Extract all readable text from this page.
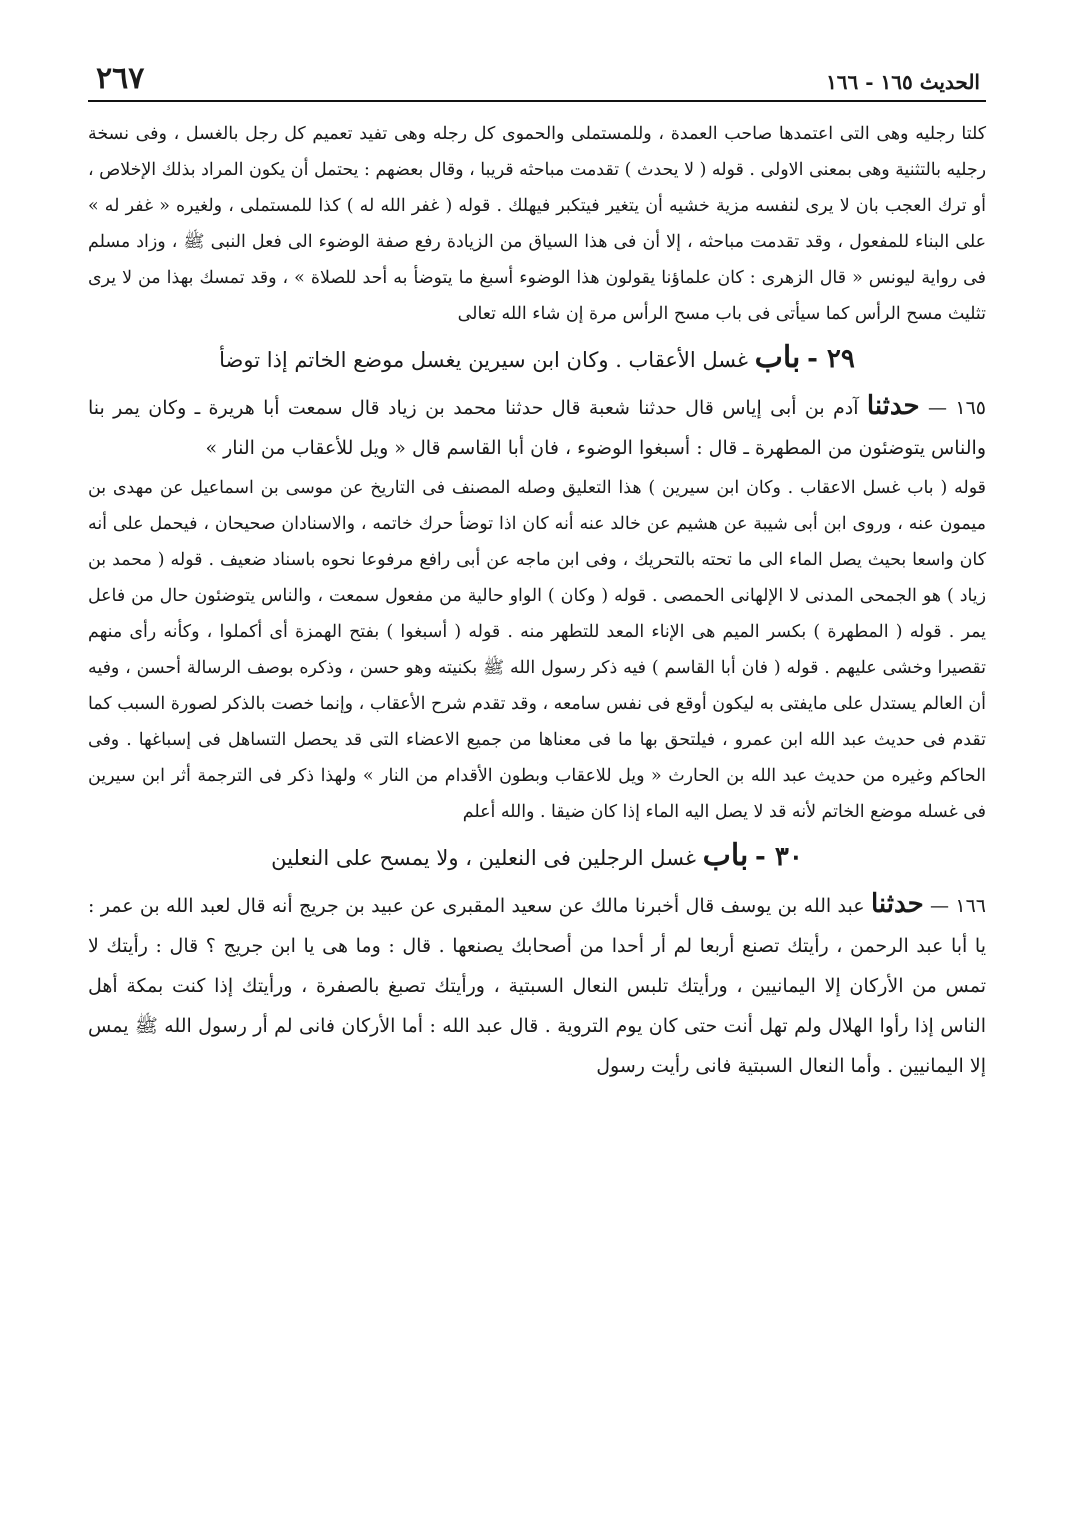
الحديث ١٦٥ - ١٦٦
٢٦٧

كلتا رجليه وهى التى اعتمدها صاحب العمدة ، وللمستملى والحموى كل رجله وهى تفيد تعميم كل رجل بالغسل ، وفى نسخة رجليه بالتثنية وهى بمعنى الاولى . قوله ( لا يحدث ) تقدمت مباحثه قريبا ، وقال بعضهم : يحتمل أن يكون المراد بذلك الإخلاص ، أو ترك العجب بان لا يرى لنفسه مزية خشيه أن يتغير فيتكبر فيهلك . قوله ( غفر الله له ) كذا للمستملى ، ولغيره « غفر له » على البناء للمفعول ، وقد تقدمت مباحثه ، إلا أن فى هذا السياق من الزيادة رفع صفة الوضوء الى فعل النبى ﷺ ، وزاد مسلم فى رواية ليونس « قال الزهرى : كان علماؤنا يقولون هذا الوضوء أسبغ ما يتوضأ به أحد للصلاة » ، وقد تمسك بهذا من لا يرى تثليث مسح الرأس كما سيأتى فى باب مسح الرأس مرة إن شاء الله تعالى

٢٩ - باب غسل الأعقاب . وكان ابن سيرين يغسل موضع الخاتم إذا توضأ

١٦٥ — حدثنا آدم بن أبى إياس قال حدثنا شعبة قال حدثنا محمد بن زياد قال سمعت أبا هريرة ـ وكان يمر بنا والناس يتوضئون من المطهرة ـ قال : أسبغوا الوضوء ، فان أبا القاسم قال « ويل للأعقاب من النار »

قوله ( باب غسل الاعقاب . وكان ابن سيرين ) هذا التعليق وصله المصنف فى التاريخ عن موسى بن اسماعيل عن مهدى بن ميمون عنه ، وروى ابن أبى شيبة عن هشيم عن خالد عنه أنه كان اذا توضأ حرك خاتمه ، والاسنادان صحيحان ، فيحمل على أنه كان واسعا بحيث يصل الماء الى ما تحته بالتحريك ، وفى ابن ماجه عن أبى رافع مرفوعا نحوه باسناد ضعيف . قوله ( محمد بن زياد ) هو الجمحى المدنى لا الإلهانى الحمصى . قوله ( وكان ) الواو حالية من مفعول سمعت ، والناس يتوضئون حال من فاعل يمر . قوله ( المطهرة ) بكسر الميم هى الإناء المعد للتطهر منه . قوله ( أسبغوا ) بفتح الهمزة أى أكملوا ، وكأنه رأى منهم تقصيرا وخشى عليهم . قوله ( فان أبا القاسم ) فيه ذكر رسول الله ﷺ بكنيته وهو حسن ، وذكره بوصف الرسالة أحسن ، وفيه أن العالم يستدل على مايفتى به ليكون أوقع فى نفس سامعه ، وقد تقدم شرح الأعقاب ، وإنما خصت بالذكر لصورة السبب كما تقدم فى حديث عبد الله ابن عمرو ، فيلتحق بها ما فى معناها من جميع الاعضاء التى قد يحصل التساهل فى إسباغها . وفى الحاكم وغيره من حديث عبد الله بن الحارث « ويل للاعقاب وبطون الأقدام من النار » ولهذا ذكر فى الترجمة أثر ابن سيرين فى غسله موضع الخاتم لأنه قد لا يصل اليه الماء إذا كان ضيقا . والله أعلم

٣٠ - باب غسل الرجلين فى النعلين ، ولا يمسح على النعلين

١٦٦ — حدثنا عبد الله بن يوسف قال أخبرنا مالك عن سعيد المقبرى عن عبيد بن جريج أنه قال لعبد الله بن عمر : يا أبا عبد الرحمن ، رأيتك تصنع أربعا لم أر أحدا من أصحابك يصنعها . قال : وما هى يا ابن جريج ؟ قال : رأيتك لا تمس من الأركان إلا اليمانيين ، ورأيتك تلبس النعال السبتية ، ورأيتك تصبغ بالصفرة ، ورأيتك إذا كنت بمكة أهل الناس إذا رأوا الهلال ولم تهل أنت حتى كان يوم التروية . قال عبد الله : أما الأركان فانى لم أر رسول الله ﷺ يمس إلا اليمانيين . وأما النعال السبتية فانى رأيت رسول
